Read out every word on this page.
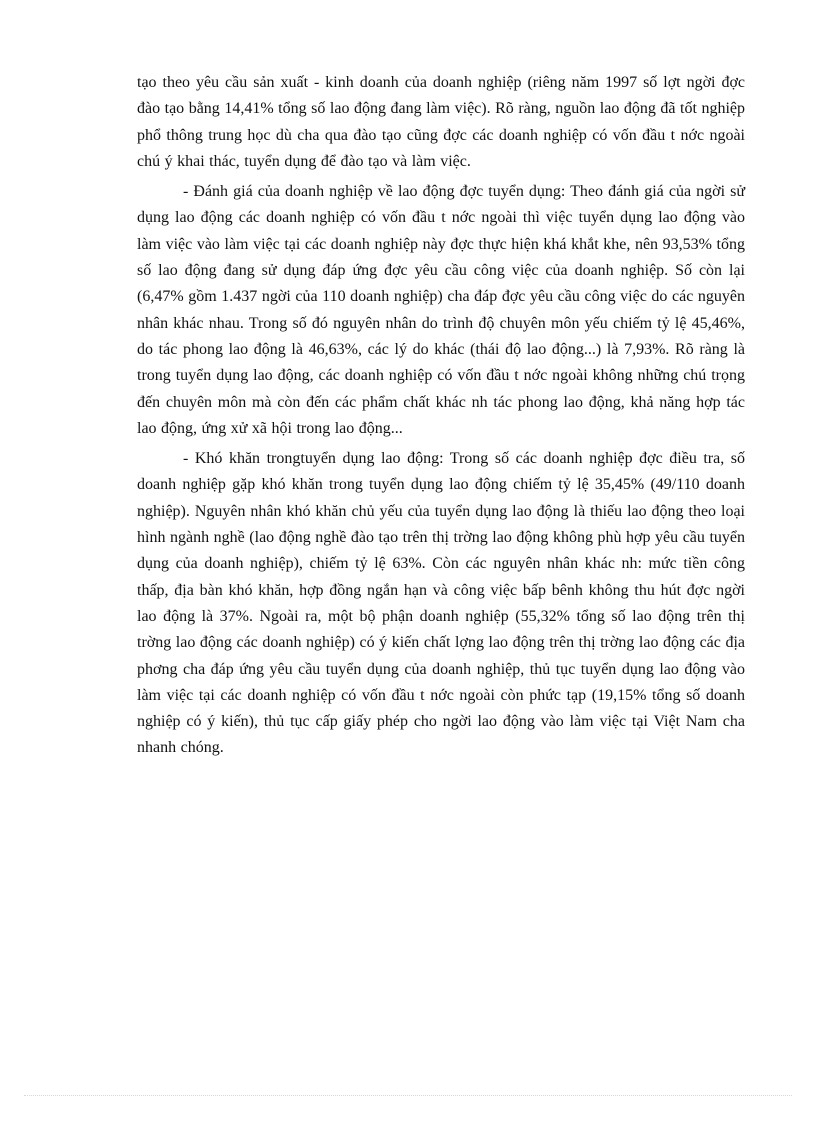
tạo theo yêu cầu sản xuất - kinh doanh của doanh nghiệp (riêng năm 1997 số lợt ngời đợc đào tạo bằng 14,41% tổng số lao động đang làm việc). Rõ ràng, nguồn lao động đã tốt nghiệp phổ thông trung học dù cha qua đào tạo cũng đợc các doanh nghiệp có vốn đầu t nớc ngoài chú ý khai thác, tuyển dụng để đào tạo và làm việc.

- Đánh giá của doanh nghiệp về lao động đợc tuyển dụng: Theo đánh giá của ngời sử dụng lao động các doanh nghiệp có vốn đầu t nớc ngoài thì việc tuyển dụng lao động vào làm việc vào làm việc tại các doanh nghiệp này đợc thực hiện khá khắt khe, nên 93,53% tổng số lao động đang sử dụng đáp ứng đợc yêu cầu công việc của doanh nghiệp. Số còn lại (6,47% gồm 1.437 ngời của 110 doanh nghiệp) cha đáp đợc yêu cầu công việc do các nguyên nhân khác nhau. Trong số đó nguyên nhân do trình độ chuyên môn yếu chiếm tỷ lệ 45,46%, do tác phong lao động là 46,63%, các lý do khác (thái độ lao động...) là 7,93%. Rõ ràng là trong tuyển dụng lao động, các doanh nghiệp có vốn đầu t nớc ngoài không những chú trọng đến chuyên môn mà còn đến các phẩm chất khác nh tác phong lao động, khả năng hợp tác lao động, ứng xử xã hội trong lao động...

- Khó khăn trongtuyển dụng lao động: Trong số các doanh nghiệp đợc điều tra, số doanh nghiệp gặp khó khăn trong tuyển dụng lao động chiếm tỷ lệ 35,45% (49/110 doanh nghiệp). Nguyên nhân khó khăn chủ yếu của tuyển dụng lao động là thiếu lao động theo loại hình ngành nghề (lao động nghề đào tạo trên thị trờng lao động không phù hợp yêu cầu tuyển dụng của doanh nghiệp), chiếm tỷ lệ 63%. Còn các nguyên nhân khác nh: mức tiền công thấp, địa bàn khó khăn, hợp đồng ngắn hạn và công việc bấp bênh không thu hút đợc ngời lao động là 37%. Ngoài ra, một bộ phận doanh nghiệp (55,32% tổng số lao động trên thị trờng lao động các doanh nghiệp) có ý kiến chất lợng lao động trên thị trờng lao động các địa phơng cha đáp ứng yêu cầu tuyển dụng của doanh nghiệp, thủ tục tuyển dụng lao động vào làm việc tại các doanh nghiệp có vốn đầu t nớc ngoài còn phức tạp (19,15% tổng số doanh nghiệp có ý kiến), thủ tục cấp giấy phép cho ngời lao động vào làm việc tại Việt Nam cha nhanh chóng.
